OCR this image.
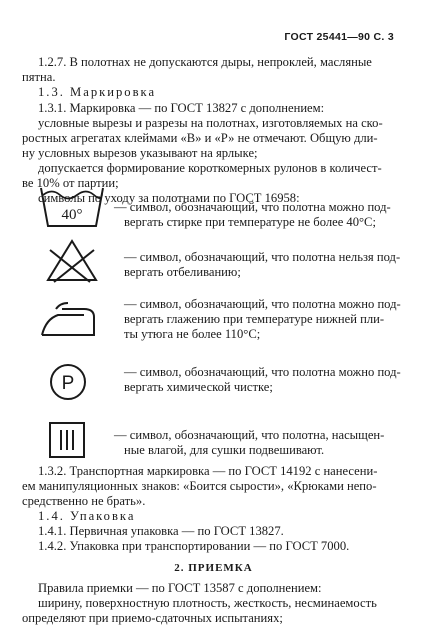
ГОСТ 25441—90 С. 3
1.2.7. В полотнах не допускаются дыры, непроклей, масляные
пятна.
1.3. Маркировка
1.3.1. Маркировка — по ГОСТ 13827 с дополнением:
условные вырезы и разрезы на полотнах, изготовляемых на ско-
ростных агрегатах клеймами «В» и «Р» не отмечают. Общую дли-
ну условных вырезов указывают на ярлыке;
допускается формирование короткомерных рулонов в количест-
ве 10% от партии;
символы по уходу за полотнами по ГОСТ 16958:
40°	— символ, обозначающий, что полотна можно под-
вергать стирке при температуре не более 40°С;
— символ, обозначающий, что полотна нельзя под-
вергать отбеливанию;
— символ, обозначающий, что полотна можно под-
вергать глажению при температуре нижней пли-
ты утюга не более 110°С;
P
— символ, обозначающий, что полотна можно под-
вергать химической чистке;
— символ, обозначающий, что полотна, насыщен-
ные влагой, для сушки подвешивают.
1.3.2. Транспортная маркировка — по ГОСТ 14192 с нанесени-
ем манипуляционных знаков: «Боится сырости», «Крюками непо-
средственно не брать».
1.4. Упаковка
1.4.1. Первичная упаковка — по ГОСТ 13827.
1.4.2. Упаковка при транспортировании — по ГОСТ 7000.
2. ПРИЕМКА
Правила приемки — по ГОСТ 13587 с дополнением:
ширину, поверхностную плотность, жесткость, несминаемость
определяют при приемо-сдаточных испытаниях;
